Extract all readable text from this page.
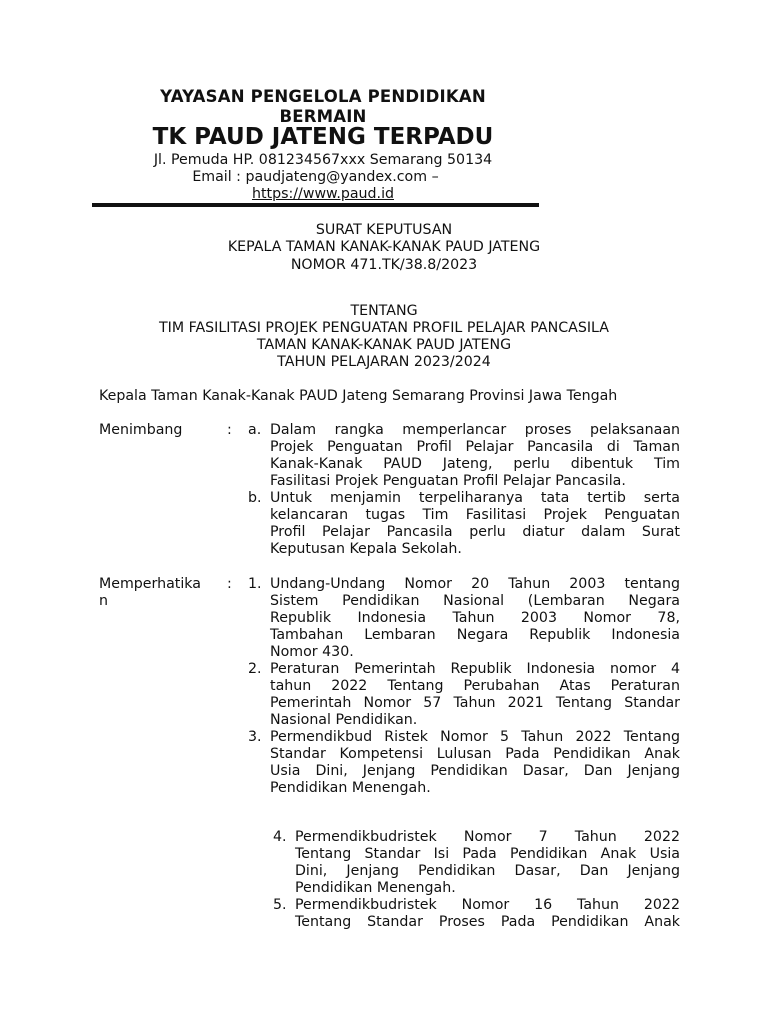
YAYASAN PENGELOLA PENDIDIKAN
BERMAIN
TK PAUD JATENG TERPADU
Jl. Pemuda HP. 081234567xxx Semarang 50134
Email : paudjateng@yandex.com –
https://www.paud.id
SURAT KEPUTUSAN
KEPALA TAMAN KANAK-KANAK PAUD JATENG
NOMOR 471.TK/38.8/2023
TENTANG
TIM FASILITASI PROJEK PENGUATAN PROFIL PELAJAR PANCASILA
TAMAN KANAK-KANAK PAUD JATENG
TAHUN PELAJARAN 2023/2024
Kepala Taman Kanak-Kanak PAUD Jateng Semarang Provinsi Jawa Tengah
Menimbang	: a. Dalam rangka memperlancar proses pelaksanaan
Projek Penguatan Profil Pelajar Pancasila di Taman
Kanak-Kanak PAUD Jateng, perlu dibentuk Tim
Fasilitasi Projek Penguatan Profil Pelajar Pancasila.
b. Untuk menjamin terpeliharanya tata tertib serta
kelancaran tugas Tim Fasilitasi Projek Penguatan
Profil Pelajar Pancasila perlu diatur dalam Surat
Keputusan Kepala Sekolah.
Memperhatika
n
: 1. Undang-Undang Nomor 20 Tahun 2003 tentang
Sistem Pendidikan Nasional (Lembaran Negara
Republik Indonesia Tahun 2003 Nomor 78,
Tambahan Lembaran Negara Republik Indonesia
Nomor 430.
2. Peraturan Pemerintah Republik Indonesia nomor 4
tahun 2022 Tentang Perubahan Atas Peraturan
Pemerintah Nomor 57 Tahun 2021 Tentang Standar
Nasional Pendidikan.
3. Permendikbud Ristek Nomor 5 Tahun 2022 Tentang
Standar Kompetensi Lulusan Pada Pendidikan Anak
Usia Dini, Jenjang Pendidikan Dasar, Dan Jenjang
Pendidikan Menengah.
4. Permendikbudristek Nomor 7 Tahun 2022
Tentang Standar Isi Pada Pendidikan Anak Usia
Dini, Jenjang Pendidikan Dasar, Dan Jenjang
Pendidikan Menengah.
5. Permendikbudristek Nomor 16 Tahun 2022
Tentang Standar Proses Pada Pendidikan Anak
